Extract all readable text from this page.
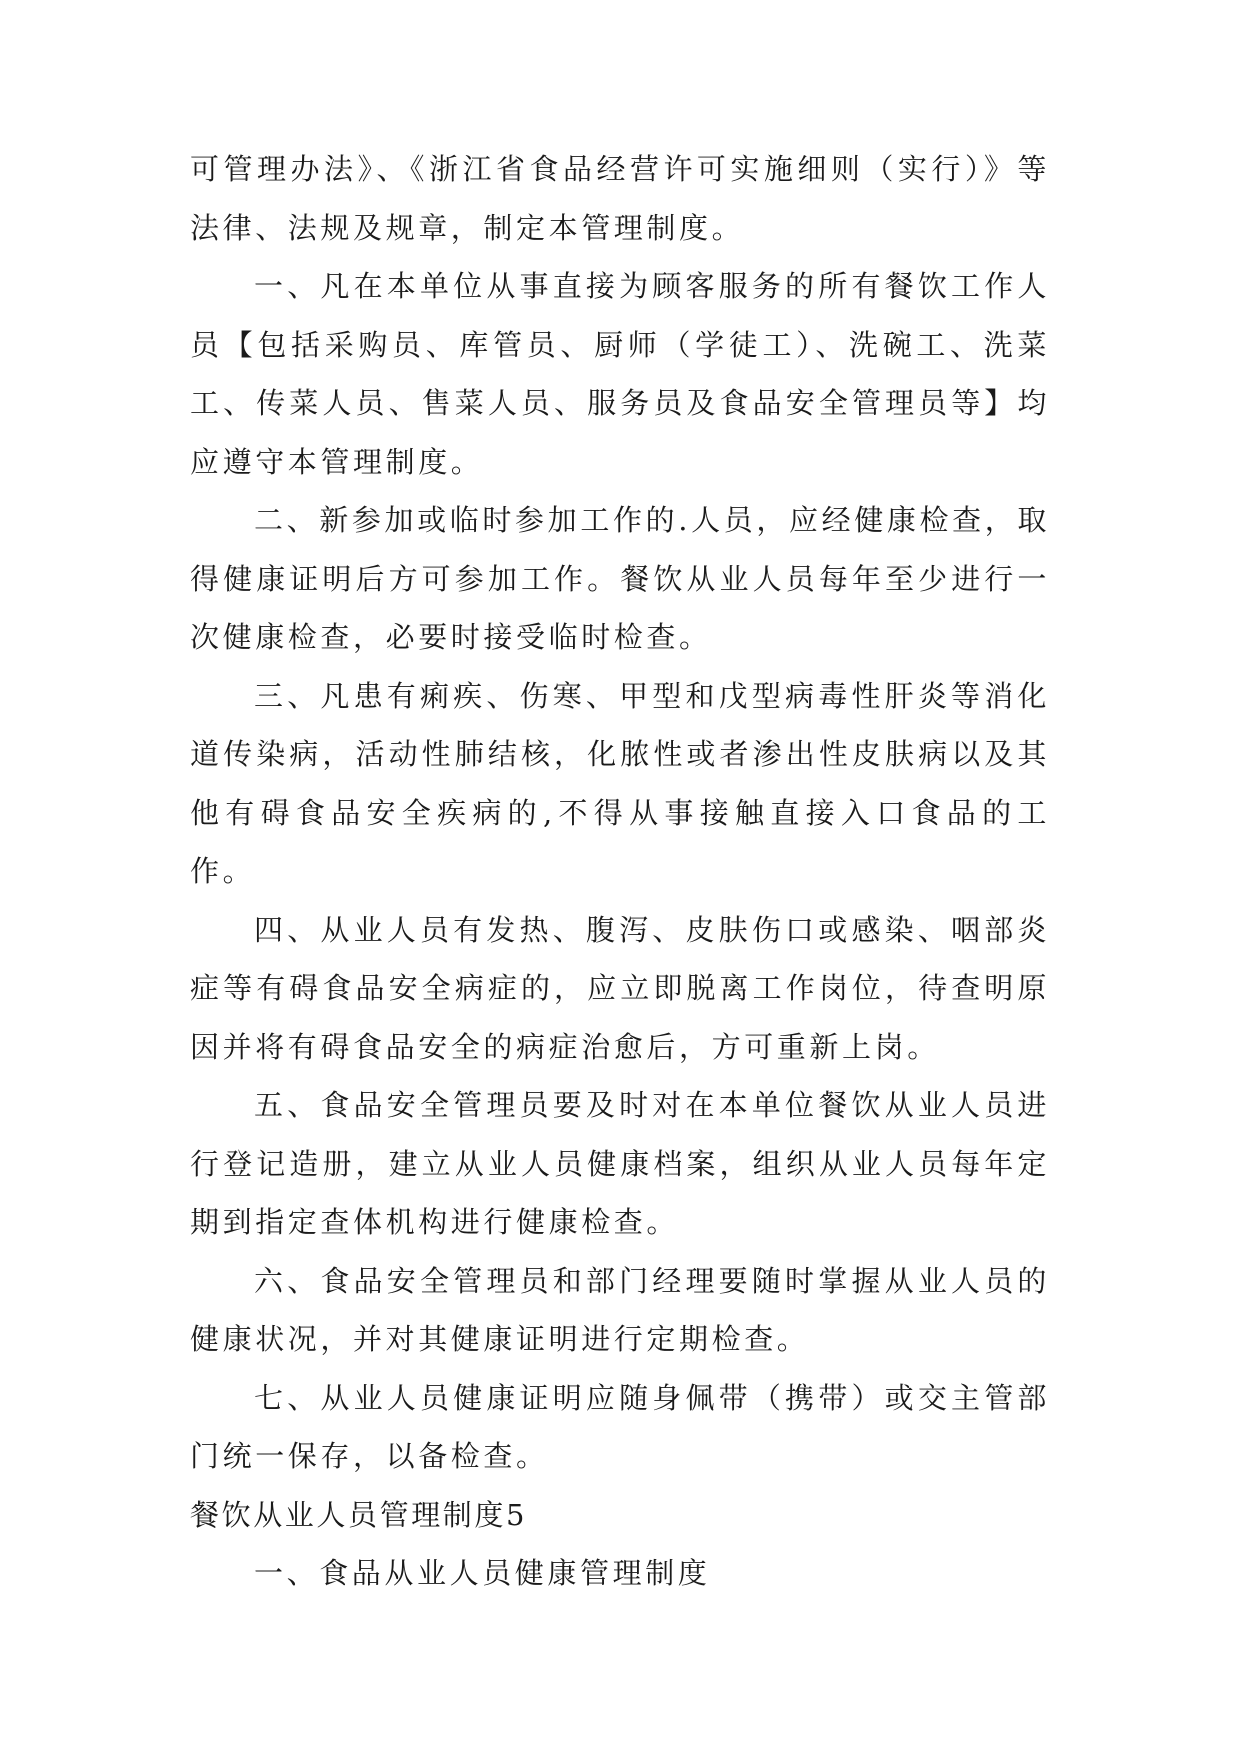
可管理办法》、《浙江省食品经营许可实施细则（实行）》等法律、法规及规章，制定本管理制度。

一、凡在本单位从事直接为顾客服务的所有餐饮工作人员【包括采购员、库管员、厨师（学徒工）、洗碗工、洗菜工、传菜人员、售菜人员、服务员及食品安全管理员等】均应遵守本管理制度。

二、新参加或临时参加工作的.人员，应经健康检查，取得健康证明后方可参加工作。餐饮从业人员每年至少进行一次健康检查，必要时接受临时检查。

三、凡患有痢疾、伤寒、甲型和戊型病毒性肝炎等消化道传染病，活动性肺结核，化脓性或者渗出性皮肤病以及其他有碍食品安全疾病的,不得从事接触直接入口食品的工作。

四、从业人员有发热、腹泻、皮肤伤口或感染、咽部炎症等有碍食品安全病症的，应立即脱离工作岗位，待查明原因并将有碍食品安全的病症治愈后，方可重新上岗。

五、食品安全管理员要及时对在本单位餐饮从业人员进行登记造册，建立从业人员健康档案，组织从业人员每年定期到指定查体机构进行健康检查。

六、食品安全管理员和部门经理要随时掌握从业人员的健康状况，并对其健康证明进行定期检查。

七、从业人员健康证明应随身佩带（携带）或交主管部门统一保存，以备检查。

餐饮从业人员管理制度5

一、食品从业人员健康管理制度
